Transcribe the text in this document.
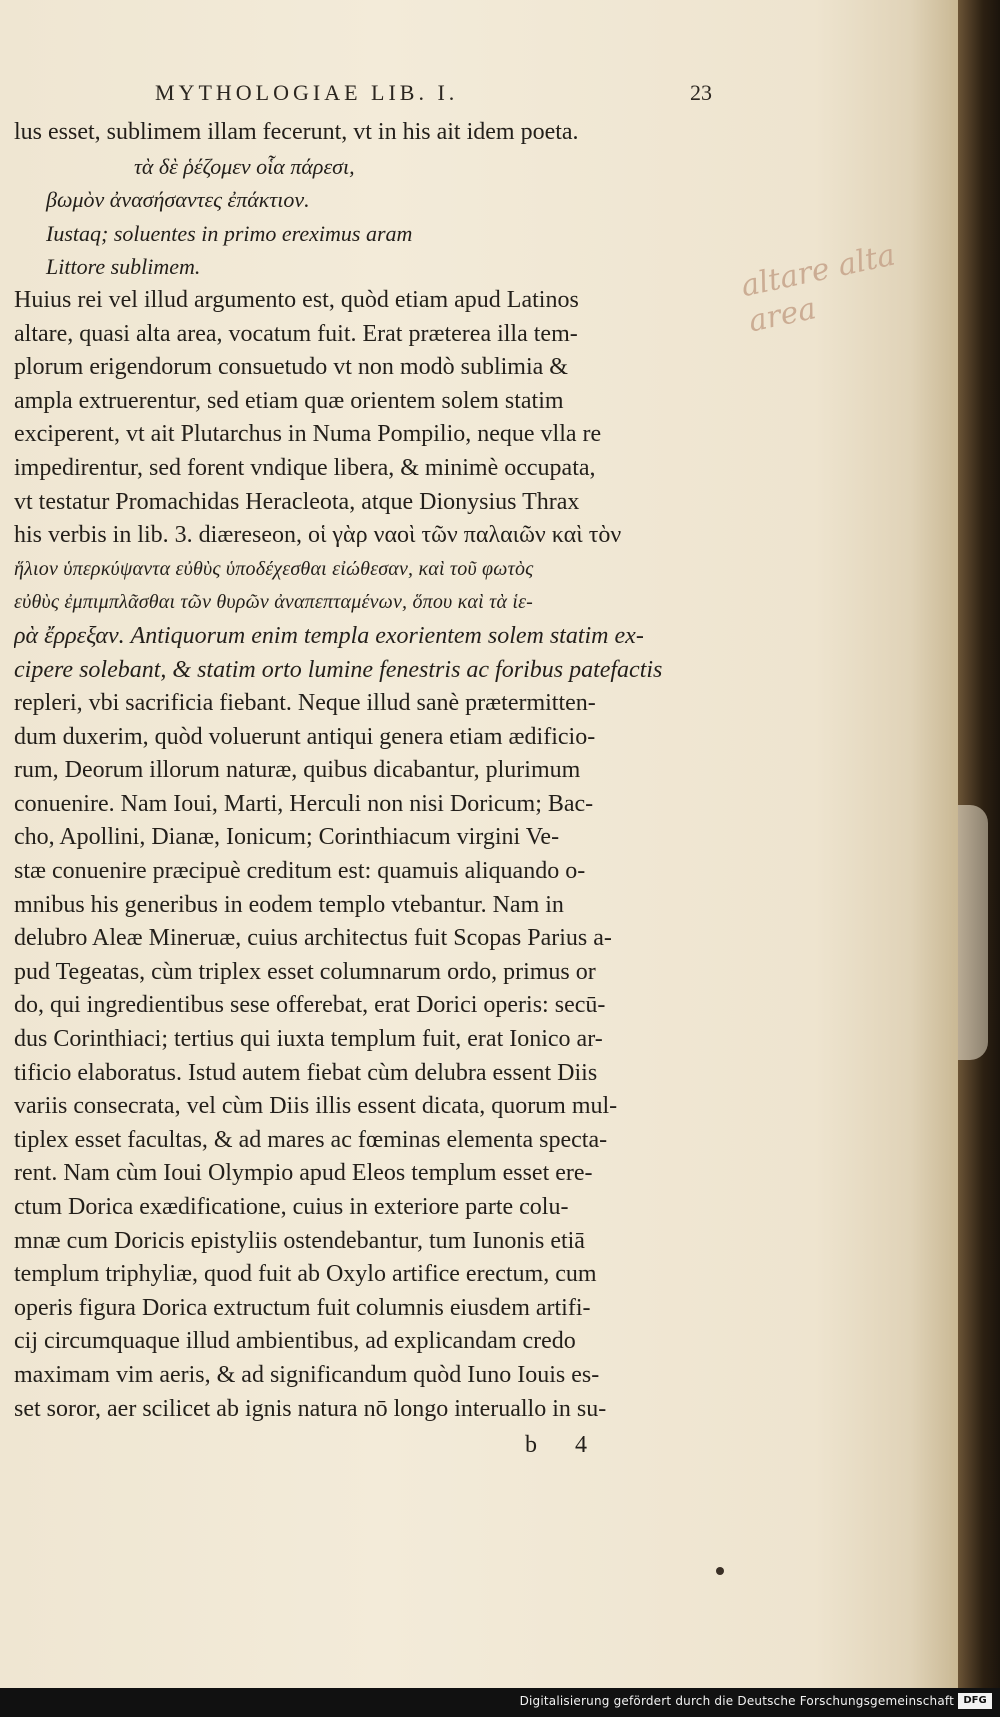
MYTHOLOGIAE LIB. I.	23
lus esset, sublimem illam fecerunt, vt in his ait idem poeta.
τὰ δὲ ῥέζομεν οἷα πάρεσι,
βωμὸν ἀνασήσαντες ἐπάκτιον.
Iustaq; soluentes in primo ereximus aram
Littore sublimem.
Huius rei vel illud argumento est, quòd etiam apud Latinos
altare, quasi alta area, vocatum fuit. Erat præterea illa tem-
plorum erigendorum consuetudo vt non modò sublimia &
ampla extruerentur, sed etiam quæ orientem solem statim
exciperent, vt ait Plutarchus in Numa Pompilio, neque vlla re
impedirentur, sed forent vndique libera, & minimè occupata,
vt testatur Promachidas Heracleota, atque Dionysius Thrax
his verbis in lib. 3. diæreseon, οἱ γὰρ ναοὶ τῶν παλαιῶν καὶ τὸν
ἥλιον ὑπερκύψαντα εὐθὺς ὑποδέχεσθαι εἰώθεσαν, καὶ τοῦ φωτὸς
εὐθὺς ἐμπιμπλᾶσθαι τῶν θυρῶν ἀναπεπταμένων, ὅπου καὶ τὰ ἱε-
ρὰ ἔρρεξαν. Antiquorum enim templa exorientem solem statim ex-
cipere solebant, & statim orto lumine fenestris ac foribus patefactis
repleri, vbi sacrificia fiebant. Neque illud sanè prætermitten-
dum duxerim, quòd voluerunt antiqui genera etiam ædificio-
rum, Deorum illorum naturæ, quibus dicabantur, plurimum
conuenire. Nam Ioui, Marti, Herculi non nisi Doricum; Bac-
cho, Apollini, Dianæ, Ionicum; Corinthiacum virgini Ve-
stæ conuenire præcipuè creditum est: quamuis aliquando o-
mnibus his generibus in eodem templo vtebantur. Nam in
delubro Aleæ Mineruæ, cuius architectus fuit Scopas Parius a-
pud Tegeatas, cùm triplex esset columnarum ordo, primus or
do, qui ingredientibus sese offerebat, erat Dorici operis: secū-
dus Corinthiaci; tertius qui iuxta templum fuit, erat Ionico ar-
tificio elaboratus. Istud autem fiebat cùm delubra essent Diis
variis consecrata, vel cùm Diis illis essent dicata, quorum mul-
tiplex esset facultas, & ad mares ac fœminas elementa specta-
rent. Nam cùm Ioui Olympio apud Eleos templum esset ere-
ctum Dorica exædificatione, cuius in exteriore parte colu-
mnæ cum Doricis epistyliis ostendebantur, tum Iunonis etiā
templum triphyliæ, quod fuit ab Oxylo artifice erectum, cum
operis figura Dorica extructum fuit columnis eiusdem artifi-
cij circumquaque illud ambientibus, ad explicandam credo
maximam vim aeris, & ad significandum quòd Iuno Iouis es-
set soror, aer scilicet ab ignis natura nō longo interuallo in su-
b 4
altare alta area
Digitalisierung gefördert durch die Deutsche Forschungsgemeinschaft DFG
